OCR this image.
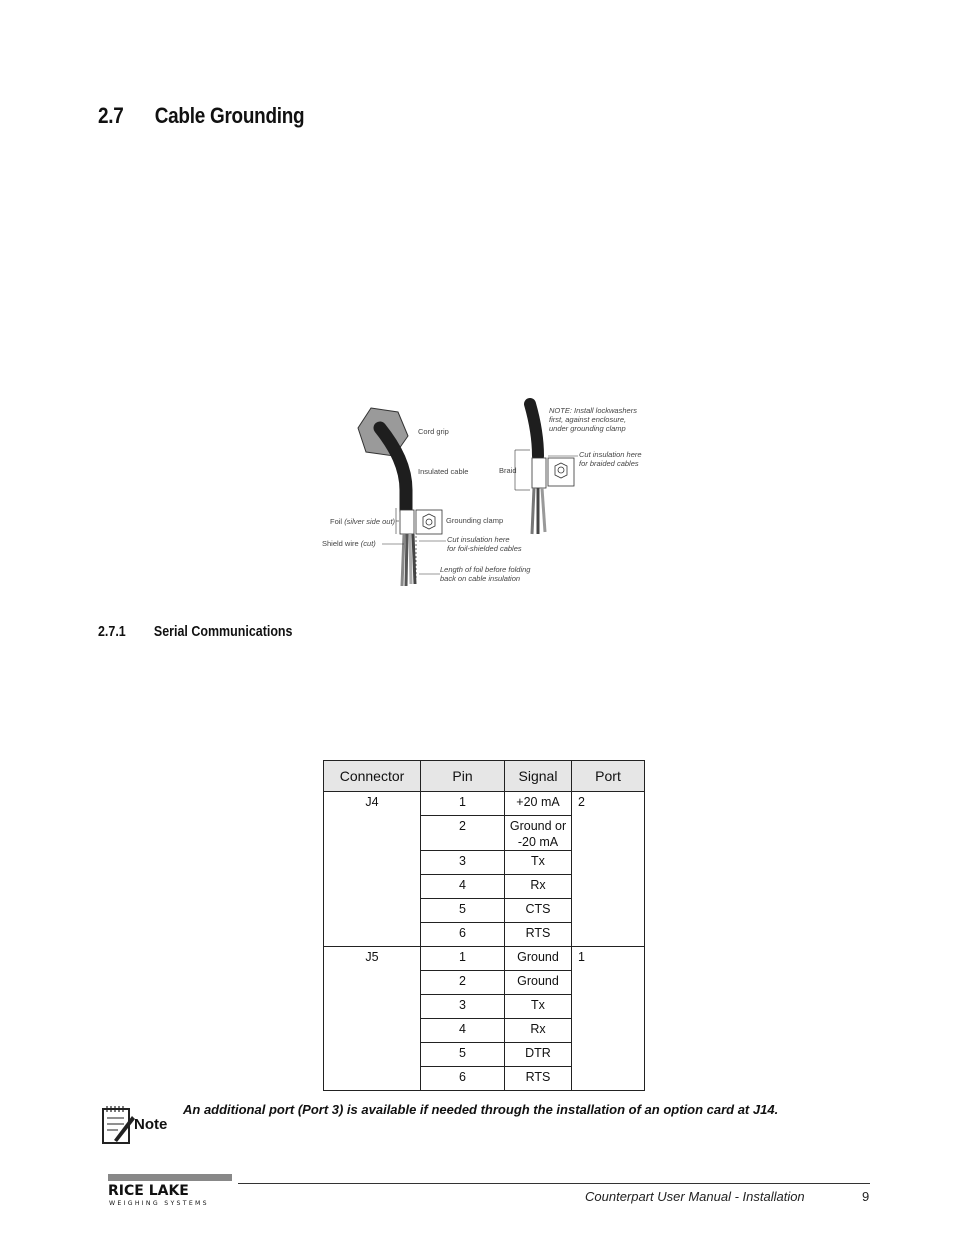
2.7 Cable Grounding
Cord grip
Insulated cable
Foil (silver side out)
Shield wire (cut)
Grounding clamp
Cut insulation here
for foil-shielded cables
Length of foil before folding
back on cable insulation
NOTE: Install lockwashers
first, against enclosure,
under grounding clamp
Braid
Cut insulation here
for braided cables
2.7.1 Serial Communications
Connector	Pin	Signal	Port
J4	1	+20 mA	2
	2	Ground or
-20 mA	
	3	Tx	
	4	Rx	
	5	CTS	
	6	RTS	
J5	1	Ground	1
	2	Ground	
	3	Tx	
	4	Rx	
	5	DTR	
	6	RTS	
Note
An additional port (Port 3) is available if needed through the installation of an option card at J14.
RICE LAKE
WEIGHING SYSTEMS	Counterpart User Manual - Installation	9
